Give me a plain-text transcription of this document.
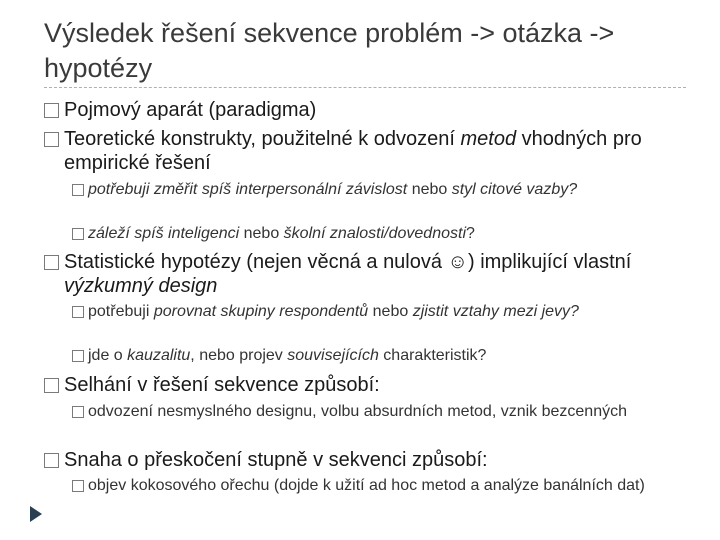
Výsledek řešení sekvence problém -> otázka -> hypotézy
Pojmový aparát (paradigma)
Teoretické konstrukty, použitelné k odvození metod vhodných pro empirické řešení
potřebuji změřit spíš interpersonální závislost nebo styl citové vazby?
záleží spíš inteligenci nebo školní znalosti/dovednosti?
Statistické hypotézy (nejen věcná a nulová ☺) implikující vlastní výzkumný design
potřebuji porovnat skupiny respondentů nebo zjistit vztahy mezi jevy?
jde o kauzalitu, nebo projev souvisejících charakteristik?
Selhání v řešení sekvence způsobí:
odvození nesmyslného designu, volbu absurdních metod, vznik bezcenných
Snaha o přeskočení stupně v sekvenci způsobí:
objev kokosového ořechu (dojde k užití ad hoc metod a analýze banálních dat)
